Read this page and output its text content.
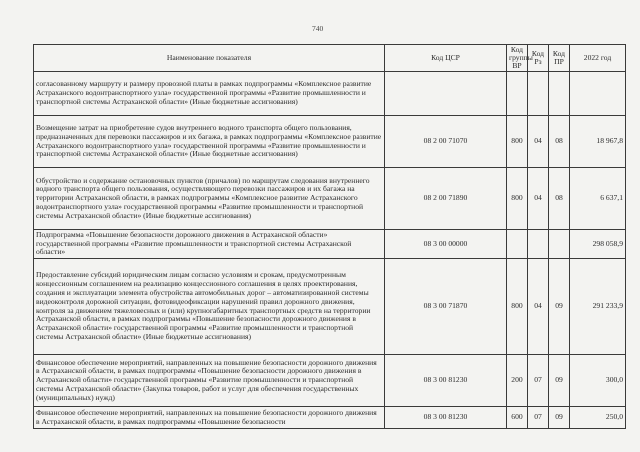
740
Наименование показателя	Код ЦСР	Код группы ВР	Код Рз	Код ПР	2022 год
согласованному маршруту и размеру провозной платы в рамках подпрограммы «Комплексное развитие Астраханского водонтранспортного узла» государственной программы «Развитие промышленности и транспортной системы Астраханской области» (Иные бюджетные ассигнования)					
Возмещение затрат на приобретение судов внутреннего водного транспорта общего пользования, предназначенных для перевозки пассажиров и их багажа, в рамках подпрограммы «Комплексное развитие Астраханского водонтранспортного узла» государственной программы «Развитие промышленности и транспортной системы Астраханской области» (Иные бюджетные ассигнования)	08 2 00 71070	800	04	08	18 967,8
Обустройство и содержание остановочных пунктов (причалов) по маршрутам следования внутреннего водного транспорта общего пользования, осуществляющего перевозки пассажиров и их багажа на территории Астраханской области, в рамках подпрограммы «Комплексное развитие Астраханского водонтранспортного узла» государственной программы «Развитие промышленности и транспортной системы Астраханской области» (Иные бюджетные ассигнования)	08 2 00 71890	800	04	08	6 637,1
Подпрограмма «Повышение безопасности дорожного движения в Астраханской области» государственной программы «Развитие промышленности и транспортной системы Астраханской области»	08 3 00 00000				298 058,9
Предоставление субсидий юридическим лицам согласно условиям и срокам, предусмотренным концессионным соглашением на реализацию концессионного соглашения в целях проектирования, создания и эксплуатации элемента обустройства автомобильных дорог – автоматизированной системы видеоконтроля дорожной ситуации, фотовидеофиксации нарушений правил дорожного движения, контроля за движением тяжеловесных и (или) крупногабаритных транспортных средств на территории Астраханской области, в рамках подпрограммы «Повышение безопасности дорожного движения в Астраханской области» государственной программы «Развитие промышленности и транспортной системы Астраханской области» (Иные бюджетные ассигнования)	08 3 00 71870	800	04	09	291 233,9
Финансовое обеспечение мероприятий, направленных на повышение безопасности дорожного движения в Астраханской области, в рамках подпрограммы «Повышение безопасности дорожного движения в Астраханской области» государственной программы «Развитие промышленности и транспортной системы Астраханской области» (Закупка товаров, работ и услуг для обеспечения государственных (муниципальных) нужд)	08 3 00 81230	200	07	09	300,0
Финансовое обеспечение мероприятий, направленных на повышение безопасности дорожного движения в Астраханской области, в рамках подпрограммы «Повышение безопасности	08 3 00 81230	600	07	09	250,0
